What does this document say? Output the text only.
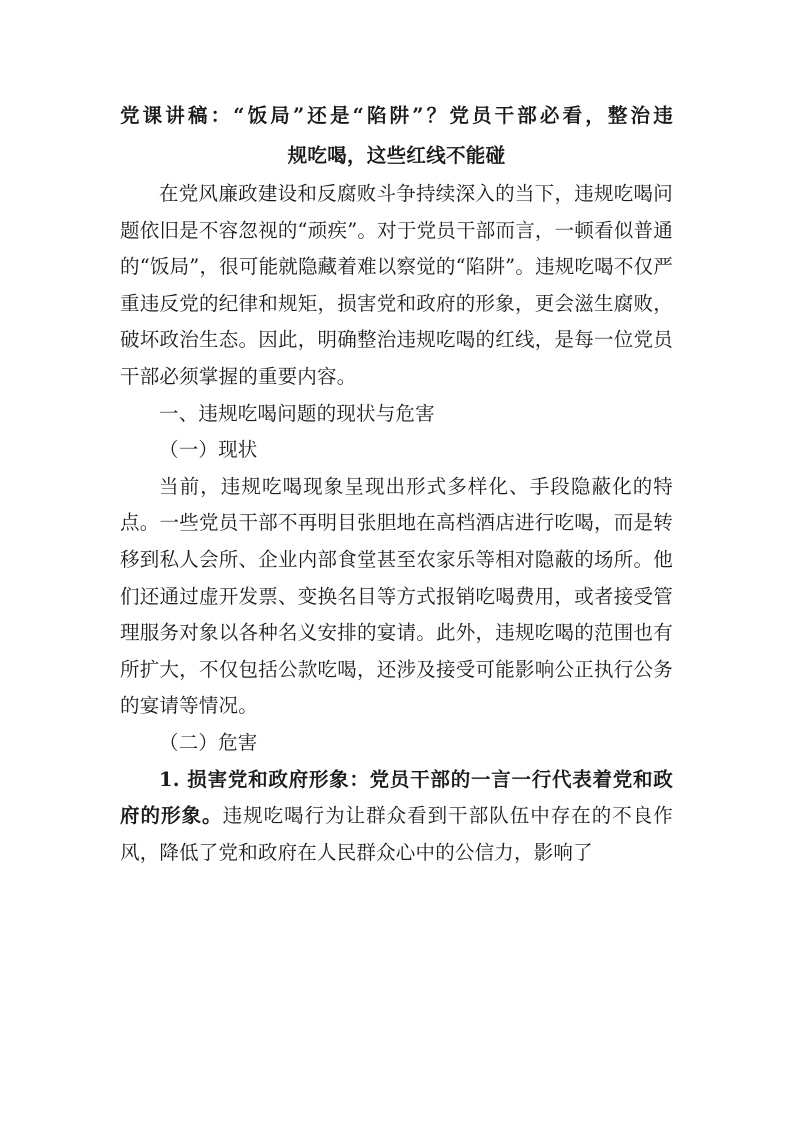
党课讲稿：“饭局”还是“陷阱”？党员干部必看，整治违
规吃喝，这些红线不能碰

在党风廉政建设和反腐败斗争持续深入的当下，违规吃喝问题依旧是不容忽视的“顽疾”。对于党员干部而言，一顿看似普通的“饭局”，很可能就隐藏着难以察觉的“陷阱”。违规吃喝不仅严重违反党的纪律和规矩，损害党和政府的形象，更会滋生腐败，破坏政治生态。因此，明确整治违规吃喝的红线，是每一位党员干部必须掌握的重要内容。

一、违规吃喝问题的现状与危害

（一）现状

当前，违规吃喝现象呈现出形式多样化、手段隐蔽化的特点。一些党员干部不再明目张胆地在高档酒店进行吃喝，而是转移到私人会所、企业内部食堂甚至农家乐等相对隐蔽的场所。他们还通过虚开发票、变换名目等方式报销吃喝费用，或者接受管理服务对象以各种名义安排的宴请。此外，违规吃喝的范围也有所扩大，不仅包括公款吃喝，还涉及接受可能影响公正执行公务的宴请等情况。

（二）危害

1. 损害党和政府形象：党员干部的一言一行代表着党和政府的形象。违规吃喝行为让群众看到干部队伍中存在的不良作风，降低了党和政府在人民群众心中的公信力，影响了
